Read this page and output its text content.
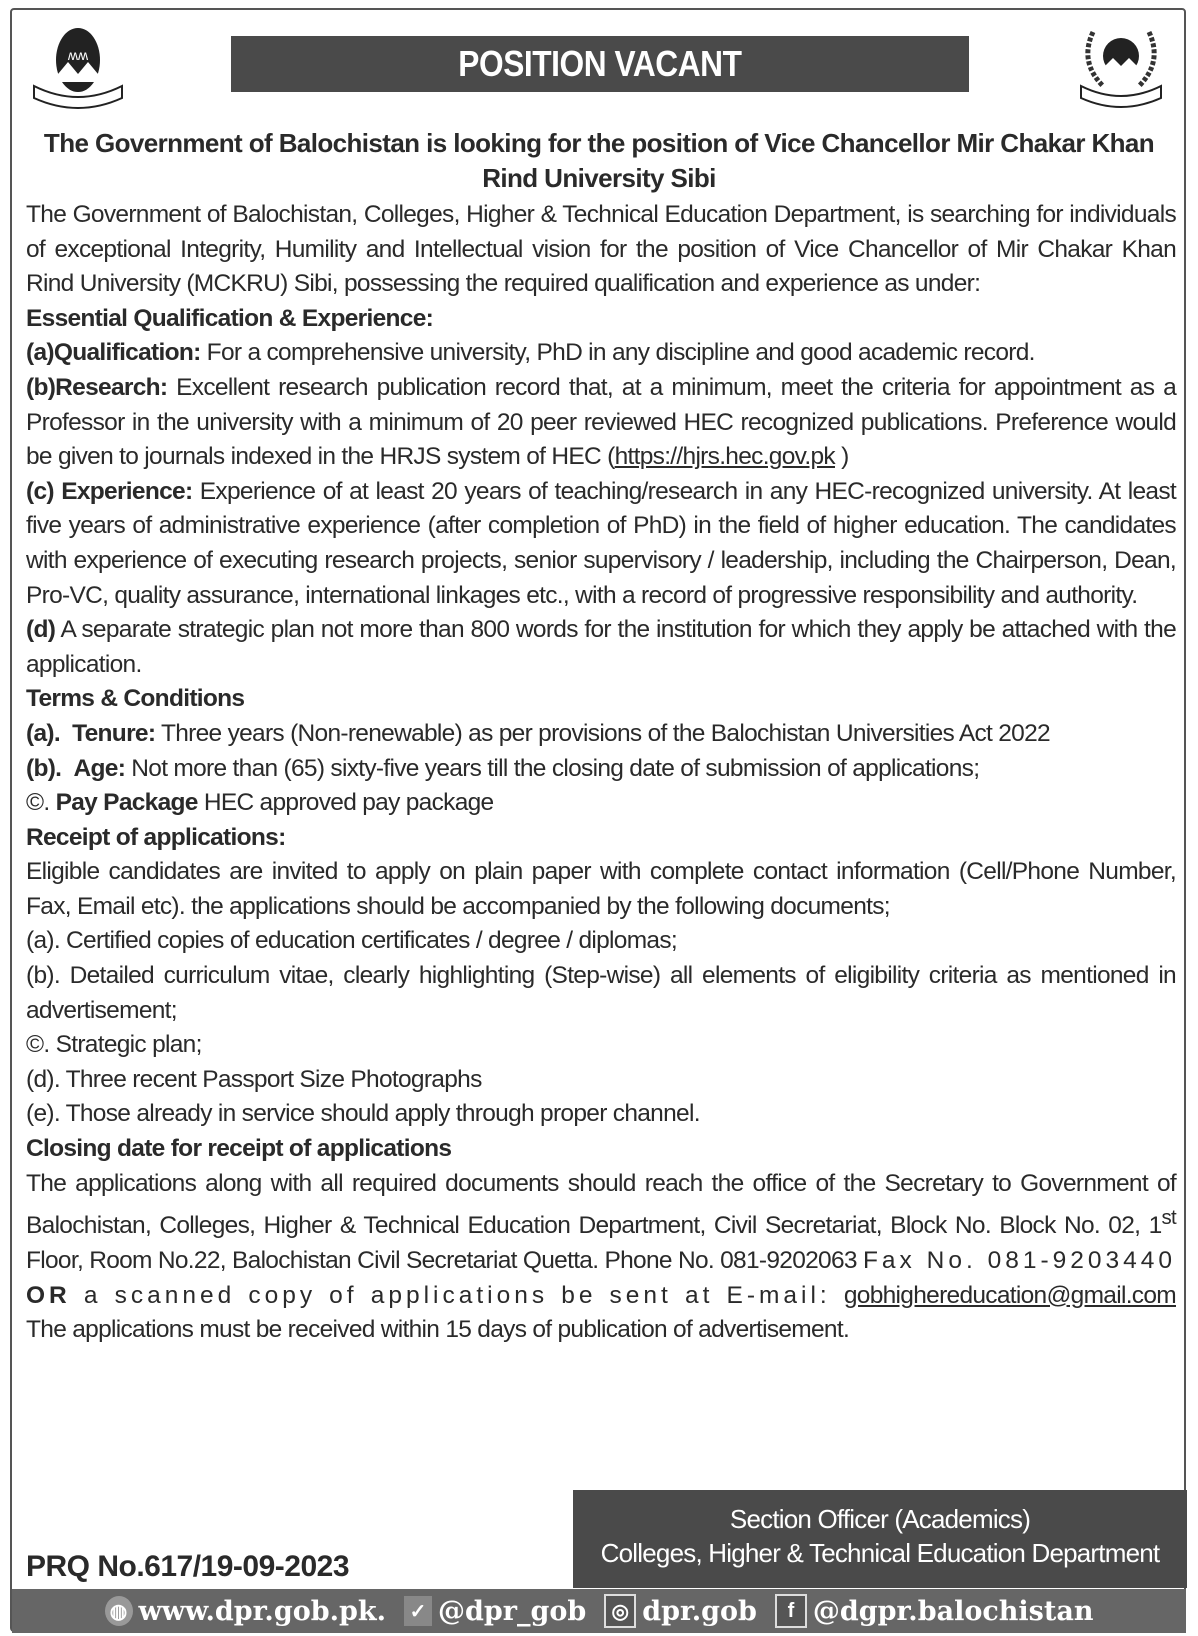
ʍʍ	POSITION VACANT
The Government of Balochistan is looking for the position of Vice Chancellor Mir Chakar Khan Rind University Sibi

The Government of Balochistan, Colleges, Higher & Technical Education Department, is searching for individuals of exceptional Integrity, Humility and Intellectual vision for the position of Vice Chancellor of Mir Chakar Khan Rind University (MCKRU) Sibi, possessing the required qualification and experience as under:

Essential Qualification & Experience:

(a)Qualification: For a comprehensive university, PhD in any discipline and good academic record.

(b)Research: Excellent research publication record that, at a minimum, meet the criteria for appointment as a Professor in the university with a minimum of 20 peer reviewed HEC recognized publications. Preference would be given to journals indexed in the HRJS system of HEC (https://hjrs.hec.gov.pk )

(c) Experience: Experience of at least 20 years of teaching/research in any HEC-recognized university. At least five years of administrative experience (after completion of PhD) in the field of higher education. The candidates with experience of executing research projects, senior supervisory / leadership, including the Chairperson, Dean, Pro-VC, quality assurance, international linkages etc., with a record of progressive responsibility and authority.

(d) A separate strategic plan not more than 800 words for the institution for which they apply be attached with the application.

Terms & Conditions

(a). Tenure: Three years (Non-renewable) as per provisions of the Balochistan Universities Act 2022

(b). Age: Not more than (65) sixty-five years till the closing date of submission of applications;

©. Pay Package HEC approved pay package

Receipt of applications:

Eligible candidates are invited to apply on plain paper with complete contact information (Cell/Phone Number, Fax, Email etc). the applications should be accompanied by the following documents;

(a). Certified copies of education certificates / degree / diplomas;

(b). Detailed curriculum vitae, clearly highlighting (Step-wise) all elements of eligibility criteria as mentioned in advertisement;

©. Strategic plan;

(d). Three recent Passport Size Photographs

(e). Those already in service should apply through proper channel.

Closing date for receipt of applications

The applications along with all required documents should reach the office of the Secretary to Government of Balochistan, Colleges, Higher & Technical Education Department, Civil Secretariat, Block No. Block No. 02, 1st Floor, Room No.22, Balochistan Civil Secretariat Quetta. Phone No. 081-9202063 Fax No. 081-9203440 OR a scanned copy of applications be sent at E-mail: gobhighereducation@gmail.com The applications must be received within 15 days of publication of advertisement.

Section Officer (Academics)
Colleges, Higher & Technical Education Department
PRQ No.617/19-09-2023
◍ www.dpr.gob.pk. ✓ @dpr_gob	◎ dpr.gob	f @dgpr.balochistan
